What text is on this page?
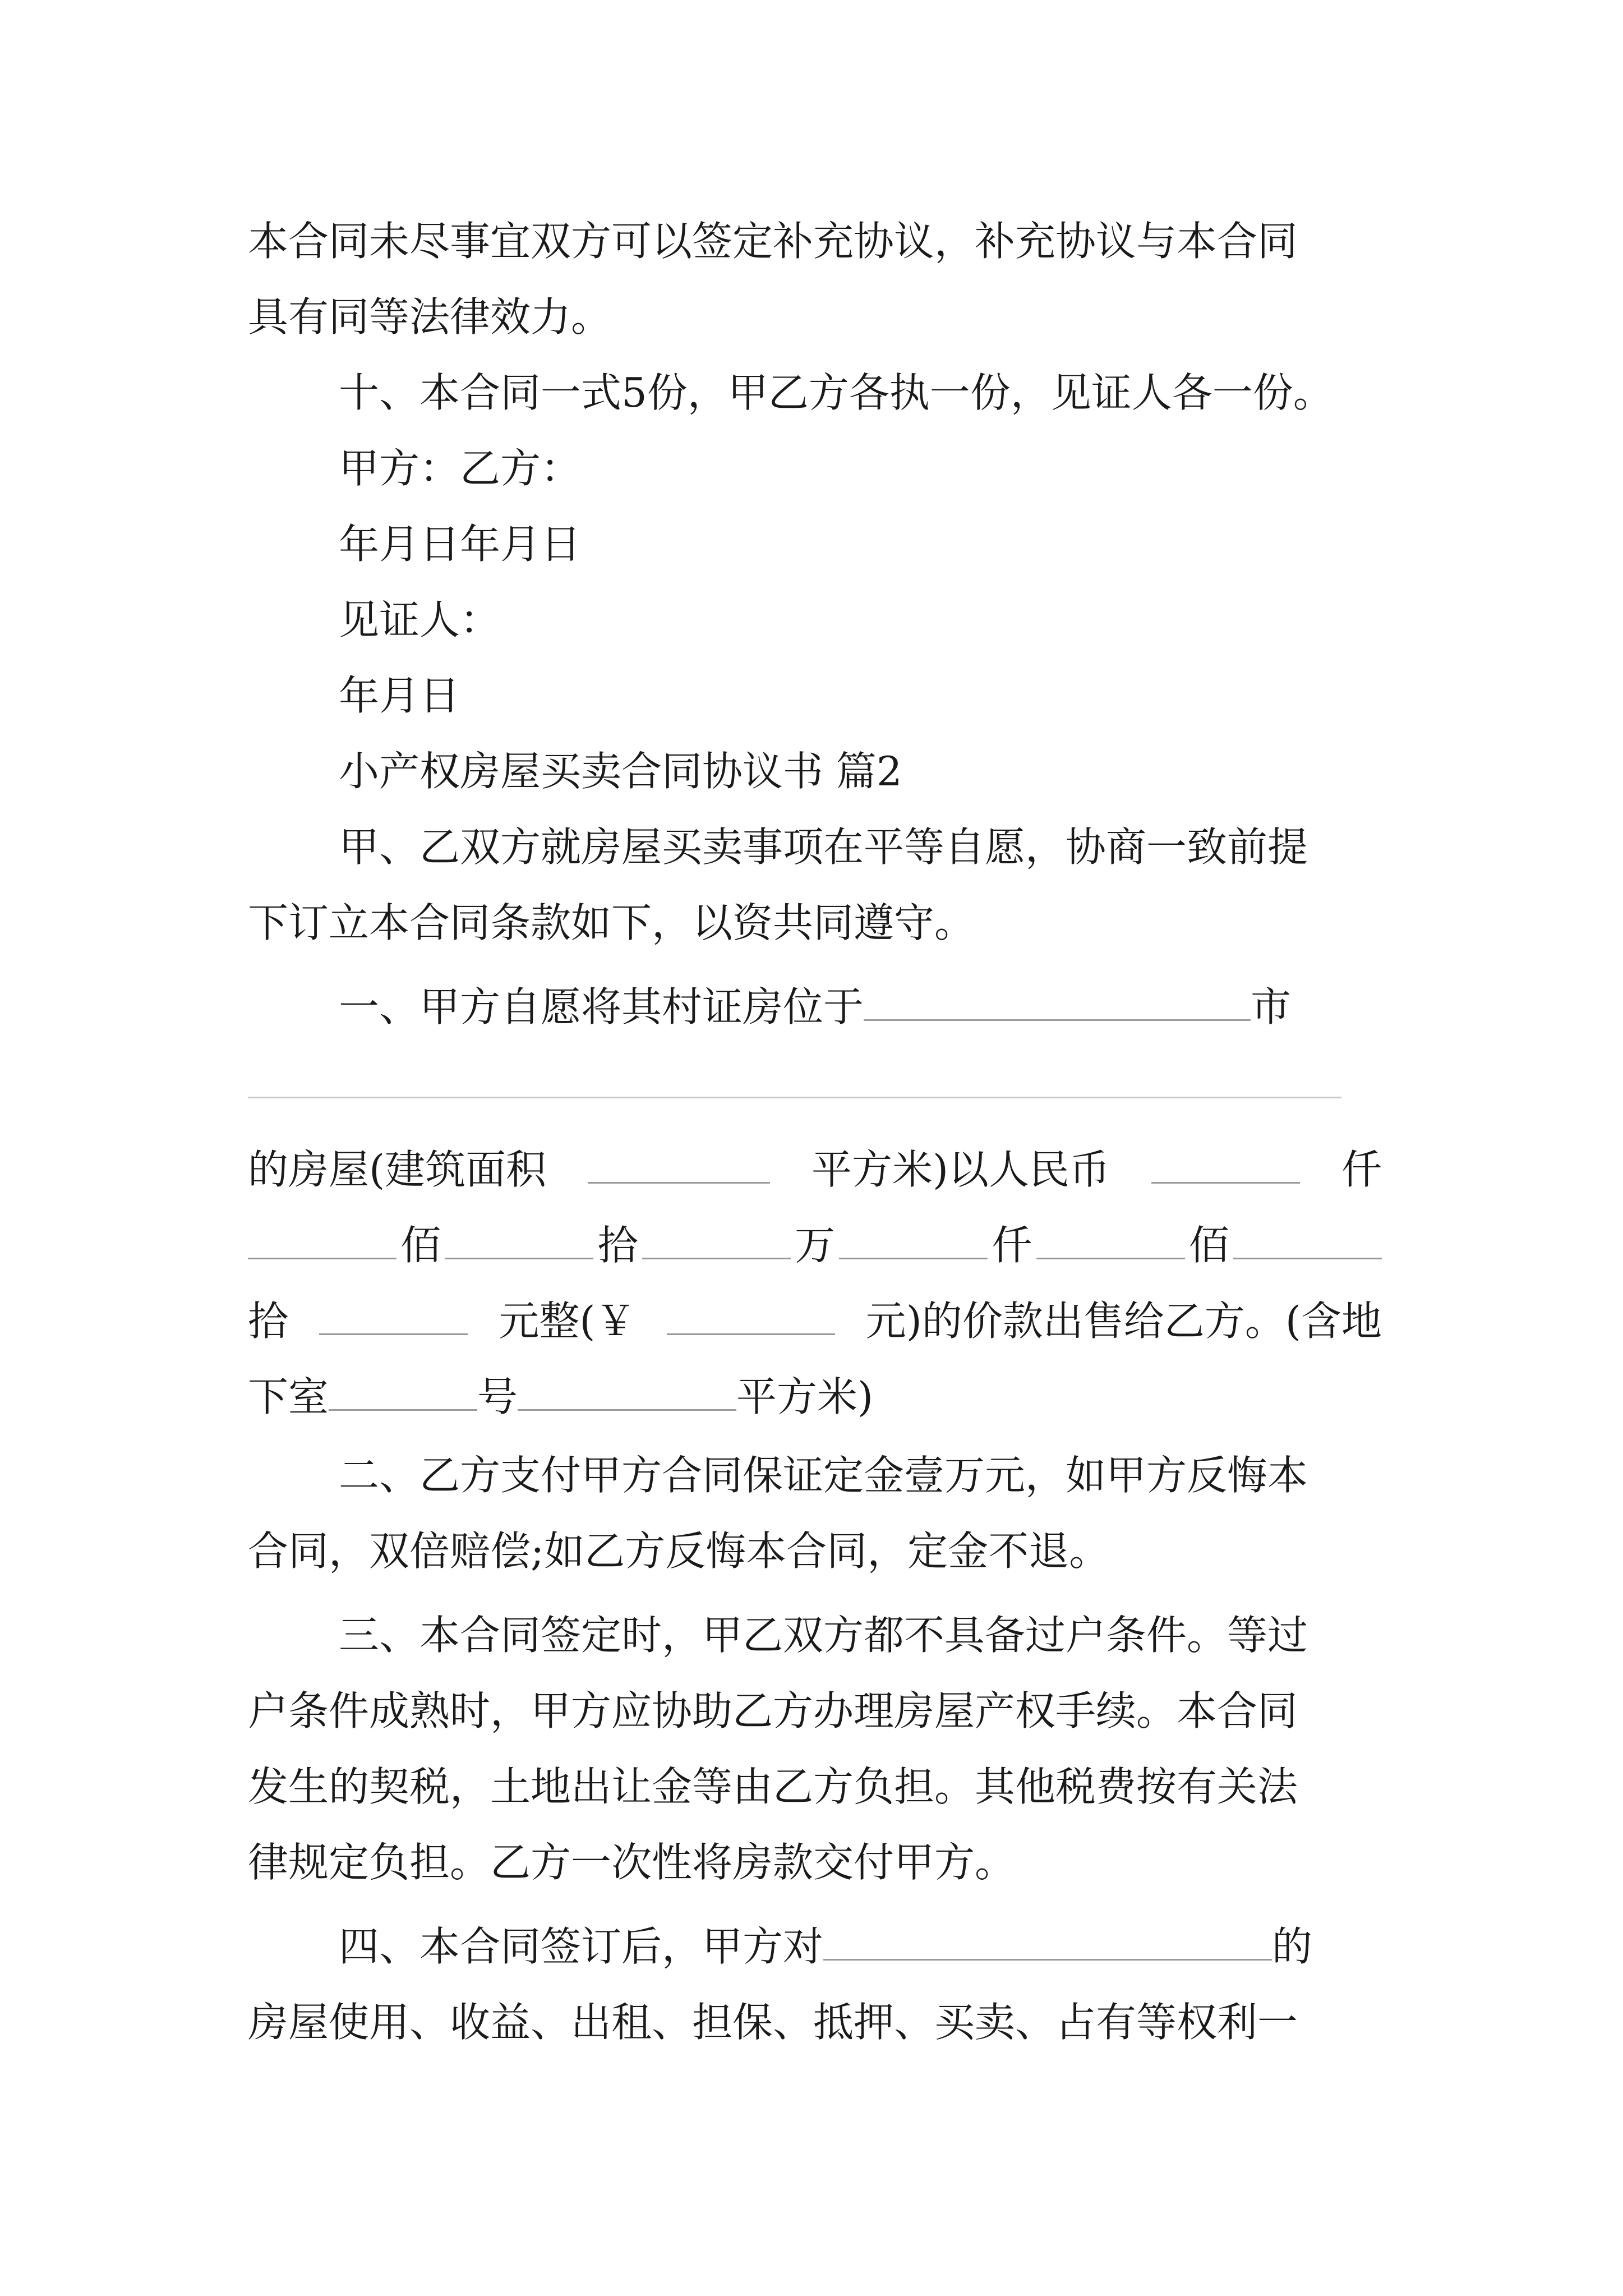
本合同未尽事宜双方可以签定补充协议，补充协议与本合同
具有同等法律效力。
十、本合同一式5份，甲乙方各执一份，见证人各一份。
甲方：乙方：
年月日年月日
见证人：
年月日
小产权房屋买卖合同协议书 篇2
甲、乙双方就房屋买卖事项在平等自愿，协商一致前提
下订立本合同条款如下，以资共同遵守。
一、甲方自愿将其村证房位于	市
的房屋(建筑面积	平方米)以人民币	仟
佰	拾	万	仟	佰
拾	元整(￥	元)的价款出售给乙方。(含地
下室	号	平方米)
二、乙方支付甲方合同保证定金壹万元，如甲方反悔本
合同，双倍赔偿;如乙方反悔本合同，定金不退。
三、本合同签定时，甲乙双方都不具备过户条件。等过
户条件成熟时，甲方应协助乙方办理房屋产权手续。本合同
发生的契税，土地出让金等由乙方负担。其他税费按有关法
律规定负担。乙方一次性将房款交付甲方。
四、本合同签订后，甲方对	的
房屋使用、收益、出租、担保、抵押、买卖、占有等权利一
